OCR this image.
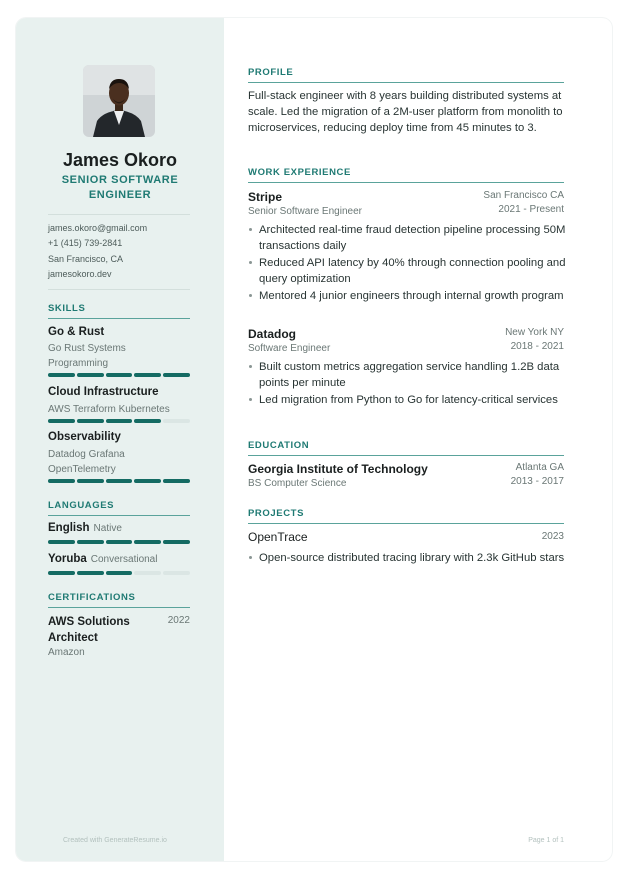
James Okoro
SENIOR SOFTWARE ENGINEER
james.okoro@gmail.com
+1 (415) 739-2841
San Francisco, CA
jamesokoro.dev
SKILLS
Go & Rust
Go Rust Systems Programming
Cloud Infrastructure
AWS Terraform Kubernetes
Observability
Datadog Grafana OpenTelemetry
LANGUAGES
English Native
Yoruba Conversational
CERTIFICATIONS
AWS Solutions Architect
2022
Amazon
Created with GenerateResume.io
PROFILE
Full-stack engineer with 8 years building distributed systems at scale. Led the migration of a 2M-user platform from monolith to microservices, reducing deploy time from 45 minutes to 3.
WORK EXPERIENCE
Stripe	San Francisco CA
Senior Software Engineer	2021 - Present
Architected real-time fraud detection pipeline processing 50M transactions daily
Reduced API latency by 40% through connection pooling and query optimization
Mentored 4 junior engineers through internal growth program
Datadog	New York NY
Software Engineer	2018 - 2021
Built custom metrics aggregation service handling 1.2B data points per minute
Led migration from Python to Go for latency-critical services
EDUCATION
Georgia Institute of Technology	Atlanta GA
BS Computer Science	2013 - 2017
PROJECTS
OpenTrace	2023
Open-source distributed tracing library with 2.3k GitHub stars
Page 1 of 1
